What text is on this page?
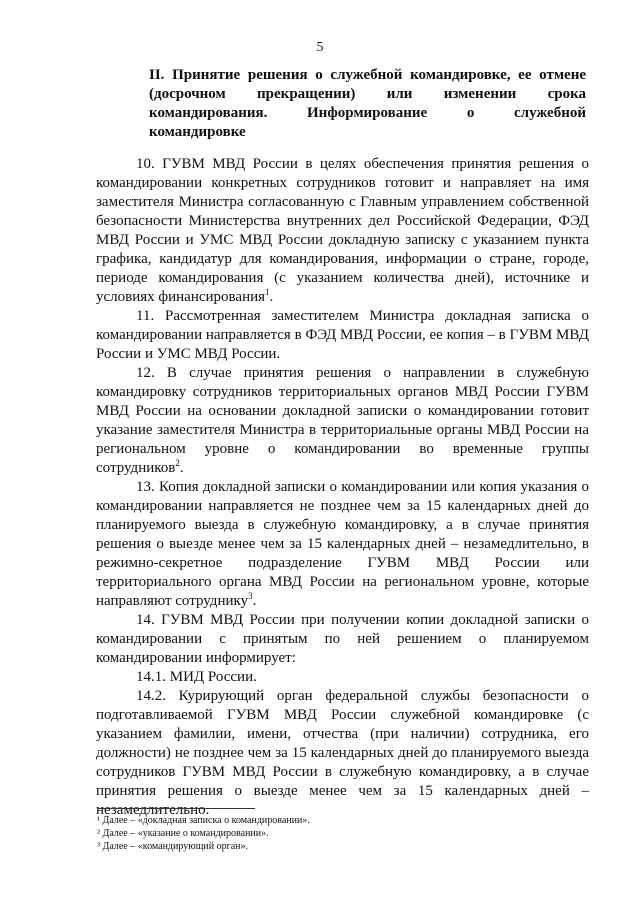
5
II. Принятие решения о служебной командировке, ее отмене
(досрочном прекращении) или изменении срока
командирования. Информирование о служебной
командировке

10. ГУВМ МВД России в целях обеспечения принятия решения о командировании конкретных сотрудников готовит и направляет на имя заместителя Министра согласованную с Главным управлением собственной безопасности Министерства внутренних дел Российской Федерации, ФЭД МВД России и УМС МВД России докладную записку с указанием пункта графика, кандидатур для командирования, информации о стране, городе, периоде командирования (с указанием количества дней), источнике и условиях финансирования$^1$.

11. Рассмотренная заместителем Министра докладная записка о командировании направляется в ФЭД МВД России, ее копия – в ГУВМ МВД России и УМС МВД России.

12. В случае принятия решения о направлении в служебную командировку сотрудников территориальных органов МВД России ГУВМ МВД России на основании докладной записки о командировании готовит указание заместителя Министра в территориальные органы МВД России на региональном уровне о командировании во временные группы сотрудников$^2$.

13. Копия докладной записки о командировании или копия указания о командировании направляется не позднее чем за 15 календарных дней до планируемого выезда в служебную командировку, а в случае принятия решения о выезде менее чем за 15 календарных дней – незамедлительно, в режимно-секретное подразделение ГУВМ МВД России или территориального органа МВД России на региональном уровне, которые направляют сотруднику$^3$.

14. ГУВМ МВД России при получении копии докладной записки о командировании с принятым по ней решением о планируемом командировании информирует:

14.1. МИД России.

14.2. Курирующий орган федеральной службы безопасности о подготавливаемой ГУВМ МВД России служебной командировке (с указанием фамилии, имени, отчества (при наличии) сотрудника, его должности) не позднее чем за 15 календарных дней до планируемого выезда сотрудников ГУВМ МВД России в служебную командировку, а в случае принятия решения о выезде менее чем за 15 календарных дней – незамедлительно.

¹ Далее – «докладная записка о командировании».
² Далее – «указание о командировании».
³ Далее – «командирующий орган».
